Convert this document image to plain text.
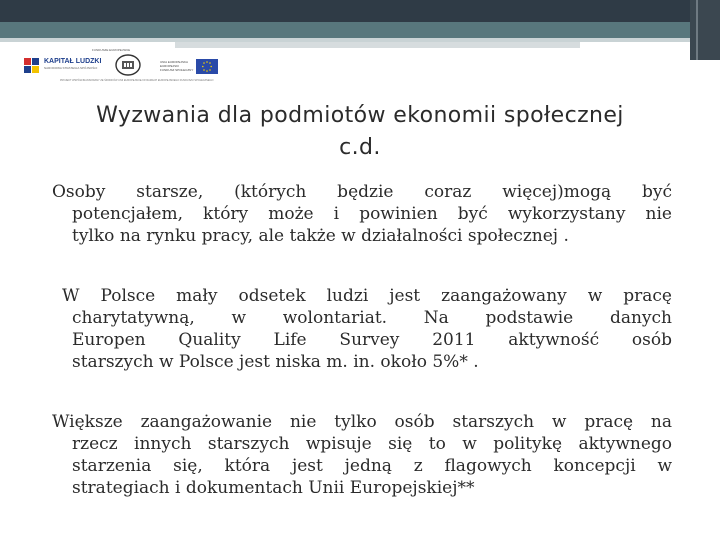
FUNDUSZE EUROPEJSKIE
KAPITAŁ LUDZKI
NARODOWA STRATEGIA SPÓJNOŚCI
UNIA EUROPEJSKA
EUROPEJSKI
FUNDUSZ SPOŁECZNY
PROJEKT WSPÓŁFINANSOWANY ZE ŚRODKÓW UNII EUROPEJSKIEJ W RAMACH EUROPEJSKIEGO FUNDUSZU SPOŁECZNEGO
Wyzwania dla podmiotów ekonomii społecznej
c.d.
Osoby starsze, (których będzie coraz więcej)mogą być
potencjałem, który może i powinien być wykorzystany nie
tylko na rynku pracy, ale także w działalności społecznej .
W Polsce mały odsetek ludzi jest zaangażowany w pracę
charytatywną, w wolontariat. Na podstawie danych
Europen Quality Life Survey 2011 aktywność osób
starszych w Polsce jest niska m. in. około 5%* .
Większe zaangażowanie nie tylko osób starszych w pracę na
rzecz innych starszych wpisuje się to w politykę aktywnego
starzenia się, która jest jedną z flagowych koncepcji w
strategiach i dokumentach Unii Europejskiej**
